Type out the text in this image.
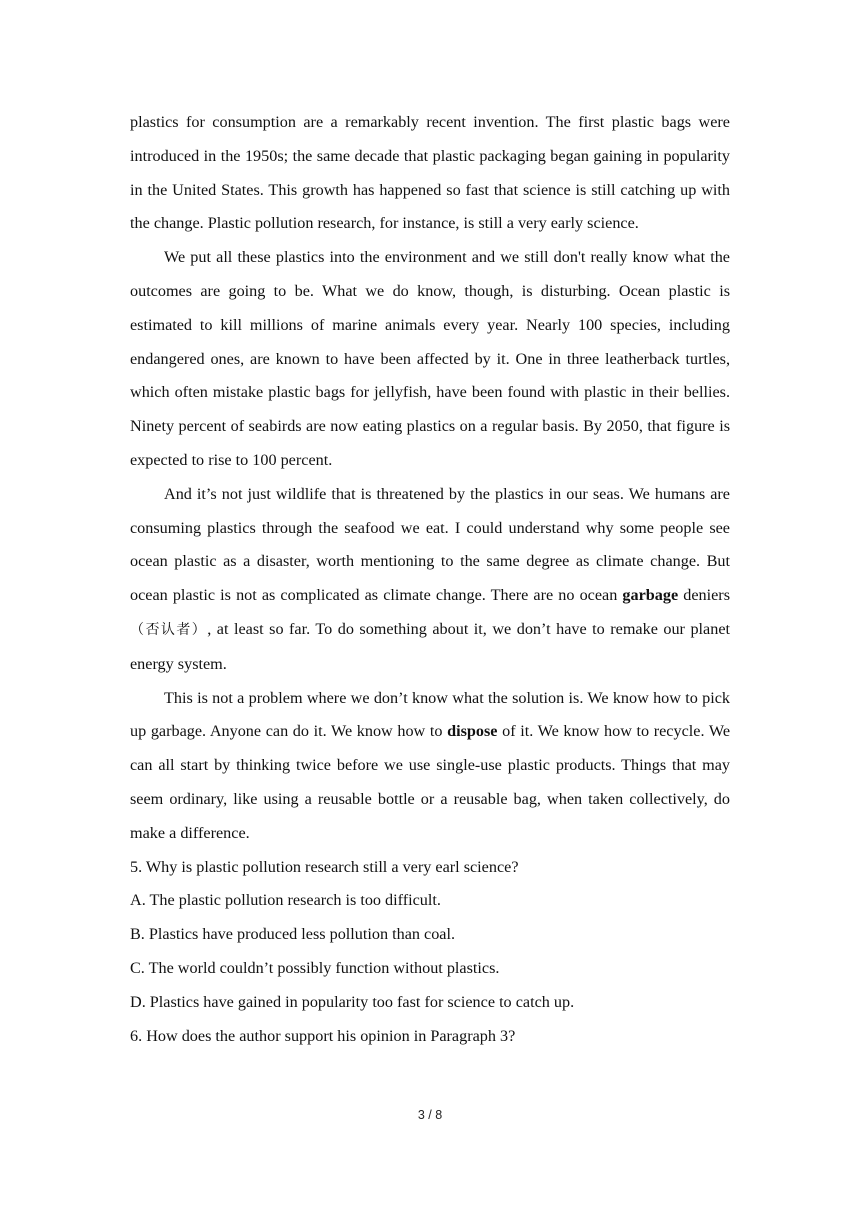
plastics for consumption are a remarkably recent invention. The first plastic bags were introduced in the 1950s; the same decade that plastic packaging began gaining in popularity in the United States. This growth has happened so fast that science is still catching up with the change. Plastic pollution research, for instance, is still a very early science.

We put all these plastics into the environment and we still don't really know what the outcomes are going to be. What we do know, though, is disturbing. Ocean plastic is estimated to kill millions of marine animals every year. Nearly 100 species, including endangered ones, are known to have been affected by it. One in three leatherback turtles, which often mistake plastic bags for jellyfish, have been found with plastic in their bellies. Ninety percent of seabirds are now eating plastics on a regular basis. By 2050, that figure is expected to rise to 100 percent.

And it’s not just wildlife that is threatened by the plastics in our seas. We humans are consuming plastics through the seafood we eat. I could understand why some people see ocean plastic as a disaster, worth mentioning to the same degree as climate change. But ocean plastic is not as complicated as climate change. There are no ocean garbage deniers（否认者）, at least so far. To do something about it, we don’t have to remake our planet energy system.

This is not a problem where we don’t know what the solution is. We know how to pick up garbage. Anyone can do it. We know how to dispose of it. We know how to recycle. We can all start by thinking twice before we use single-use plastic products. Things that may seem ordinary, like using a reusable bottle or a reusable bag, when taken collectively, do make a difference.

5. Why is plastic pollution research still a very earl science?

A. The plastic pollution research is too difficult.

B. Plastics have produced less pollution than coal.

C. The world couldn’t possibly function without plastics.

D. Plastics have gained in popularity too fast for science to catch up.

6. How does the author support his opinion in Paragraph 3?

3 / 8
